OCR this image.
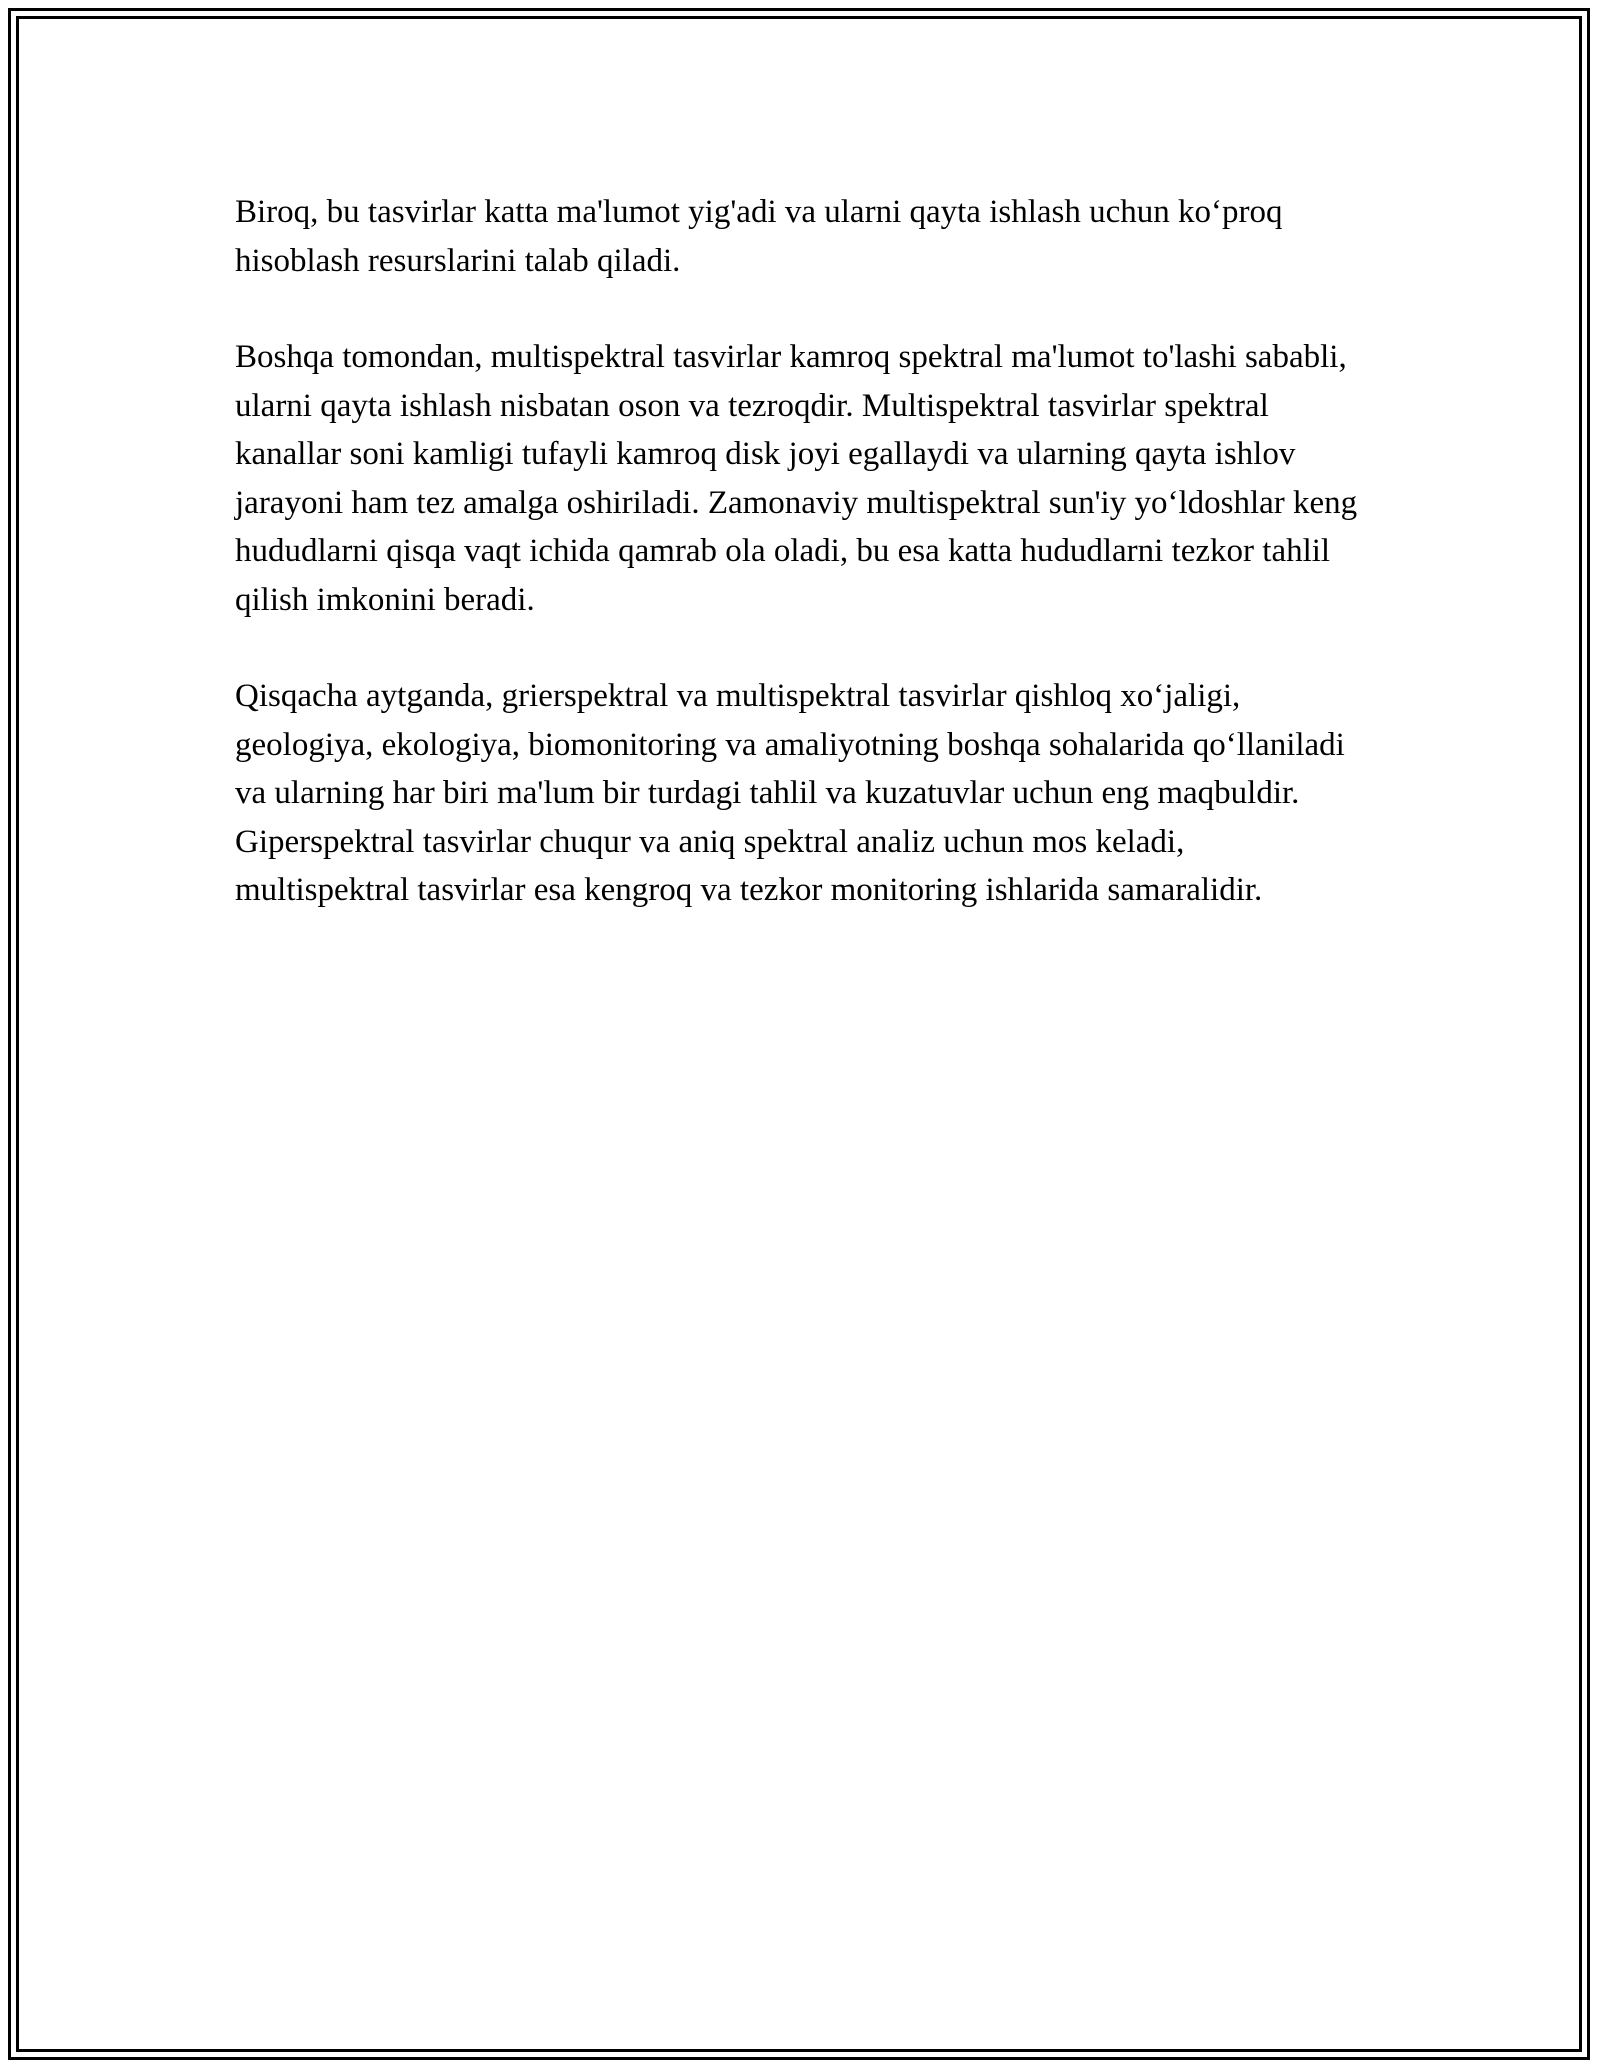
Biroq, bu tasvirlar katta ma'lumot yig'adi va ularni qayta ishlash uchun ko‘proq hisoblash resurslarini talab qiladi.

Boshqa tomondan, multispektral tasvirlar kamroq spektral ma'lumot to'lashi sababli, ularni qayta ishlash nisbatan oson va tezroqdir. Multispektral tasvirlar spektral kanallar soni kamligi tufayli kamroq disk joyi egallaydi va ularning qayta ishlov jarayoni ham tez amalga oshiriladi. Zamonaviy multispektral sun'iy yo‘ldoshlar keng hududlarni qisqa vaqt ichida qamrab ola oladi, bu esa katta hududlarni tezkor tahlil qilish imkonini beradi.

Qisqacha aytganda, grierspektral va multispektral tasvirlar qishloq xo‘jaligi, geologiya, ekologiya, biomonitoring va amaliyotning boshqa sohalarida qo‘llaniladi va ularning har biri ma'lum bir turdagi tahlil va kuzatuvlar uchun eng maqbuldir. Giperspektral tasvirlar chuqur va aniq spektral analiz uchun mos keladi, multispektral tasvirlar esa kengroq va tezkor monitoring ishlarida samaralidir.
